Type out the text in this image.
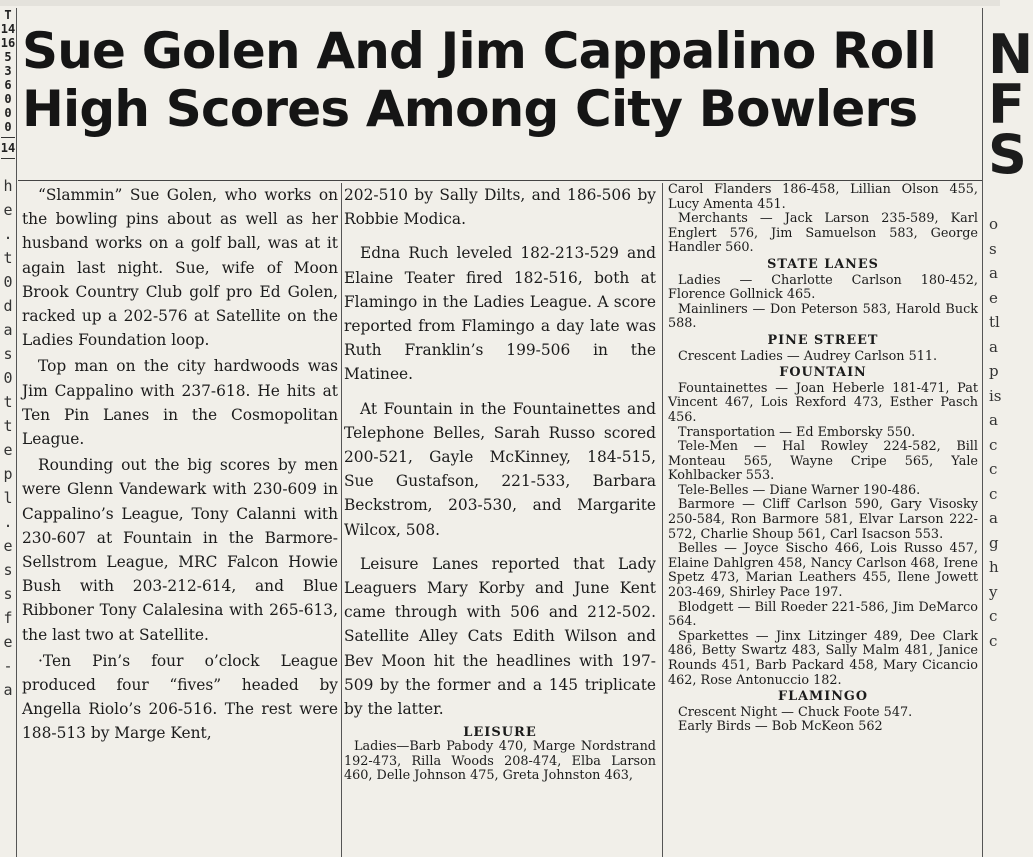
T
14
16
5
3
6
0
0
0
14
h
e
.
t
0
d
a
s
0
t
t
e
p
l
.
e
s
s
f
e
-
a
N
F
S
o
s
a
e
tl
a
p
is
a
c
c
c
a
g
h
y
c
c
Sue Golen And Jim Cappalino Roll
High Scores Among City Bowlers

“Slammin” Sue Golen, who works on the bowling pins about as well as her husband works on a golf ball, was at it again last night. Sue, wife of Moon Brook Country Club golf pro Ed Golen, racked up a 202-576 at Satellite on the Ladies Foundation loop.

Top man on the city hardwoods was Jim Cappalino with 237-618. He hits at Ten Pin Lanes in the Cosmopolitan League.

Rounding out the big scores by men were Glenn Vandewark with 230-609 in Cappalino’s League, Tony Calanni with 230-607 at Fountain in the Barmore-Sellstrom League, MRC Falcon Howie Bush with 203-212-614, and Blue Ribboner Tony Calalesina with 265-613, the last two at Satellite.

·Ten Pin’s four o’clock League produced four “fives” headed by Angella Riolo’s 206-516. The rest were 188-513 by Marge Kent,

202-510 by Sally Dilts, and 186-506 by Robbie Modica.

Edna Ruch leveled 182-213-529 and Elaine Teater fired 182-516, both at Flamingo in the Ladies League. A score reported from Flamingo a day late was Ruth Franklin’s 199-506 in the Matinee.

At Fountain in the Fountainettes and Telephone Belles, Sarah Russo scored 200-521, Gayle McKinney, 184-515, Sue Gustafson, 221-533, Barbara Beckstrom, 203-530, and Margarite Wilcox, 508.

Leisure Lanes reported that Lady Leaguers Mary Korby and June Kent came through with 506 and 212-502. Satellite Alley Cats Edith Wilson and Bev Moon hit the headlines with 197-509 by the former and a 145 triplicate by the latter.

LEISURE

Ladies—Barb Pabody 470, Marge Nordstrand 192-473, Rilla Woods 208-474, Elba Larson 460, Delle Johnson 475, Greta Johnston 463,

Carol Flanders 186-458, Lillian Olson 455, Lucy Amenta 451.

Merchants — Jack Larson 235-589, Karl Englert 576, Jim Samuelson 583, George Handler 560.

STATE LANES

Ladies — Charlotte Carlson 180-452, Florence Gollnick 465.

Mainliners — Don Peterson 583, Harold Buck 588.

PINE STREET

Crescent Ladies — Audrey Carlson 511.

FOUNTAIN

Fountainettes — Joan Heberle 181-471, Pat Vincent 467, Lois Rexford 473, Esther Pasch 456.

Transportation — Ed Emborsky 550.

Tele-Men — Hal Rowley 224-582, Bill Monteau 565, Wayne Cripe 565, Yale Kohlbacker 553.

Tele-Belles — Diane Warner 190-486.

Barmore — Cliff Carlson 590, Gary Visosky 250-584, Ron Barmore 581, Elvar Larson 222-572, Charlie Shoup 561, Carl Isacson 553.

Belles — Joyce Sischo 466, Lois Russo 457, Elaine Dahlgren 458, Nancy Carlson 468, Irene Spetz 473, Marian Leathers 455, Ilene Jowett 203-469, Shirley Pace 197.

Blodgett — Bill Roeder 221-586, Jim DeMarco 564.

Sparkettes — Jinx Litzinger 489, Dee Clark 486, Betty Swartz 483, Sally Malm 481, Janice Rounds 451, Barb Packard 458, Mary Cicancio 462, Rose Antonuccio 182.

FLAMINGO

Crescent Night — Chuck Foote 547.

Early Birds — Bob McKeon 562
